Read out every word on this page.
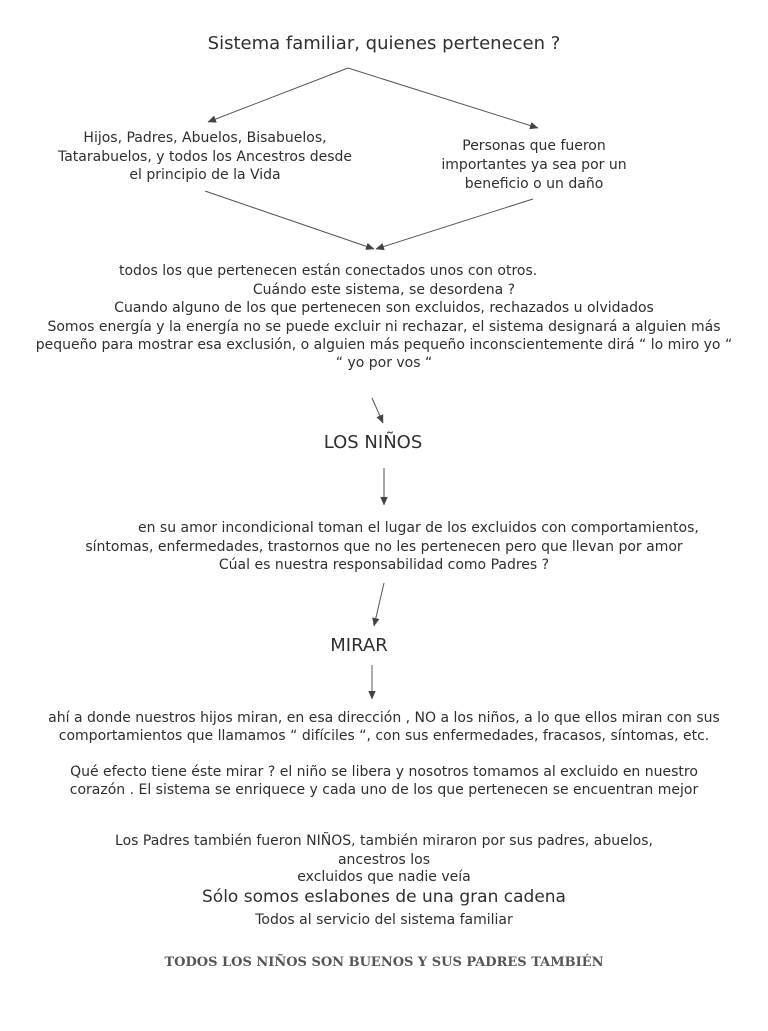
Sistema familiar, quienes pertenecen ?
Hijos, Padres, Abuelos, Bisabuelos,
Tatarabuelos, y todos los Ancestros desde
el principio de la Vida
Personas que fueron
importantes ya sea por un
beneficio o un daño
todos los que pertenecen están conectados unos con otros.
Cuándo este sistema, se desordena ?
Cuando alguno de los que pertenecen son excluidos, rechazados u olvidados
Somos energía y la energía no se puede excluir ni rechazar, el sistema designará a alguien más
pequeño para mostrar esa exclusión, o alguien más pequeño inconscientemente dirá “ lo miro yo “
“ yo por vos “
LOS NIÑOS
en su amor incondicional toman el lugar de los excluidos con comportamientos,
síntomas, enfermedades, trastornos que no les pertenecen pero que llevan por amor
Cúal es nuestra responsabilidad como Padres ?
MIRAR
ahí a donde nuestros hijos miran, en esa dirección , NO a los niños, a lo que ellos miran con sus
comportamientos que llamamos “ difíciles “, con sus enfermedades, fracasos, síntomas, etc.
Qué efecto tiene éste mirar ? el niño se libera y nosotros tomamos al excluido en nuestro
corazón . El sistema se enriquece y cada uno de los que pertenecen se encuentran mejor
Los Padres también fueron NIÑOS, también miraron por sus padres, abuelos,
ancestros los
excluidos que nadie veía
Sólo somos eslabones de una gran cadena
Todos al servicio del sistema familiar
TODOS LOS NIÑOS SON BUENOS Y SUS PADRES TAMBIÉN
